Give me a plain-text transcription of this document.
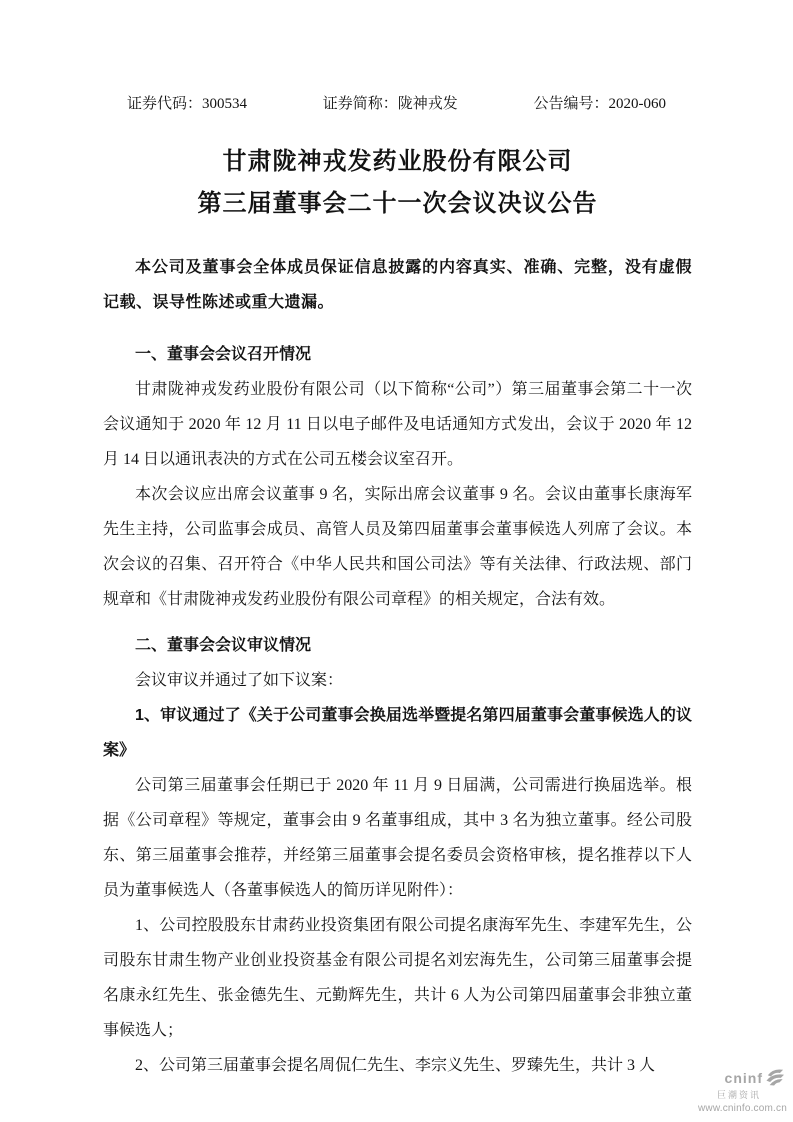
证券代码：300534	证券简称：陇神戎发	公告编号：2020-060
甘肃陇神戎发药业股份有限公司
第三届董事会二十一次会议决议公告

本公司及董事会全体成员保证信息披露的内容真实、准确、完整，没有虚假记载、误导性陈述或重大遗漏。

一、董事会会议召开情况

甘肃陇神戎发药业股份有限公司（以下简称“公司”）第三届董事会第二十一次会议通知于 2020 年 12 月 11 日以电子邮件及电话通知方式发出，会议于 2020 年 12 月 14 日以通讯表决的方式在公司五楼会议室召开。

本次会议应出席会议董事 9 名，实际出席会议董事 9 名。会议由董事长康海军先生主持，公司监事会成员、高管人员及第四届董事会董事候选人列席了会议。本次会议的召集、召开符合《中华人民共和国公司法》等有关法律、行政法规、部门规章和《甘肃陇神戎发药业股份有限公司章程》的相关规定，合法有效。

二、董事会会议审议情况

会议审议并通过了如下议案：

1、审议通过了《关于公司董事会换届选举暨提名第四届董事会董事候选人的议案》

公司第三届董事会任期已于 2020 年 11 月 9 日届满，公司需进行换届选举。根据《公司章程》等规定，董事会由 9 名董事组成，其中 3 名为独立董事。经公司股东、第三届董事会推荐，并经第三届董事会提名委员会资格审核，提名推荐以下人员为董事候选人（各董事候选人的简历详见附件）：

1、公司控股股东甘肃药业投资集团有限公司提名康海军先生、李建军先生，公司股东甘肃生物产业创业投资基金有限公司提名刘宏海先生，公司第三届董事会提名康永红先生、张金德先生、元勤辉先生，共计 6 人为公司第四届董事会非独立董事候选人；

2、公司第三届董事会提名周侃仁先生、李宗义先生、罗臻先生，共计 3 人

cninf
巨潮资讯
www.cninfo.com.cn
